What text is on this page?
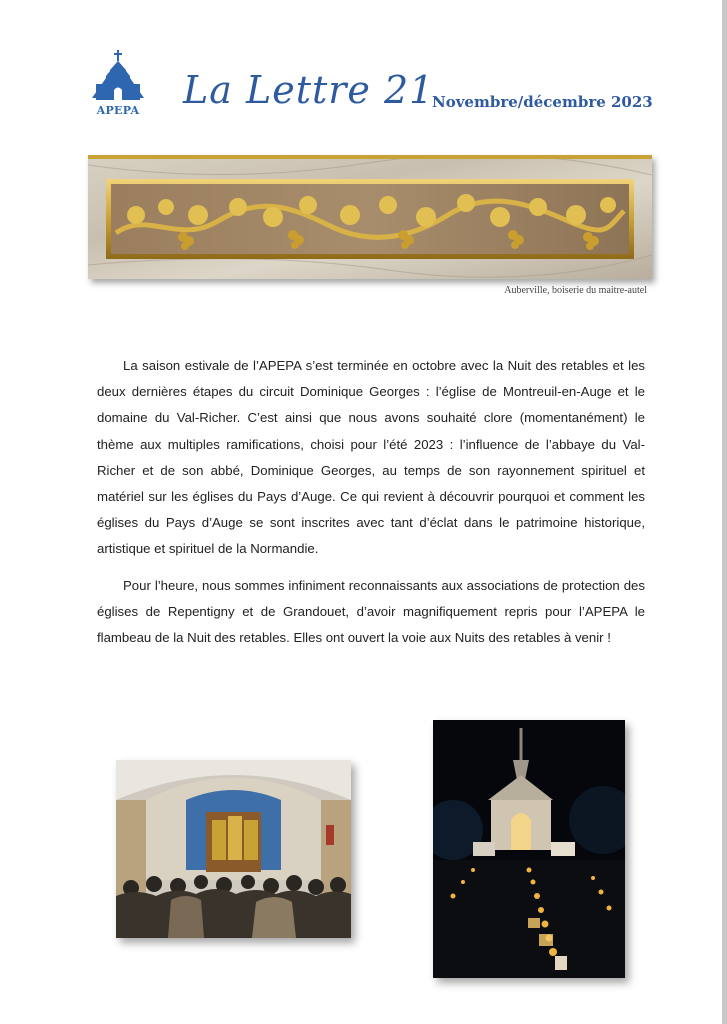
APEPA La Lettre 21
Novembre/décembre 2023
Auberville, boiserie du maitre-autel

La saison estivale de l’APEPA s’est terminée en octobre avec la Nuit des retables et les deux dernières étapes du circuit Dominique Georges : l’église de Montreuil-en-Auge et le domaine du Val-Richer. C’est ainsi que nous avons souhaité clore (momentanément) le thème aux multiples ramifications, choisi pour l’été 2023 : l’influence de l’abbaye du Val-Richer et de son abbé, Dominique Georges, au temps de son rayonnement spirituel et matériel sur les églises du Pays d’Auge. Ce qui revient à découvrir pourquoi et comment les églises du Pays d’Auge se sont inscrites avec tant d’éclat dans le patrimoine historique, artistique et spirituel de la Normandie.

Pour l’heure, nous sommes infiniment reconnaissants aux associations de protection des églises de Repentigny et de Grandouet, d’avoir magnifiquement repris pour l’APEPA le flambeau de la Nuit des retables. Elles ont ouvert la voie aux Nuits des retables à venir !
